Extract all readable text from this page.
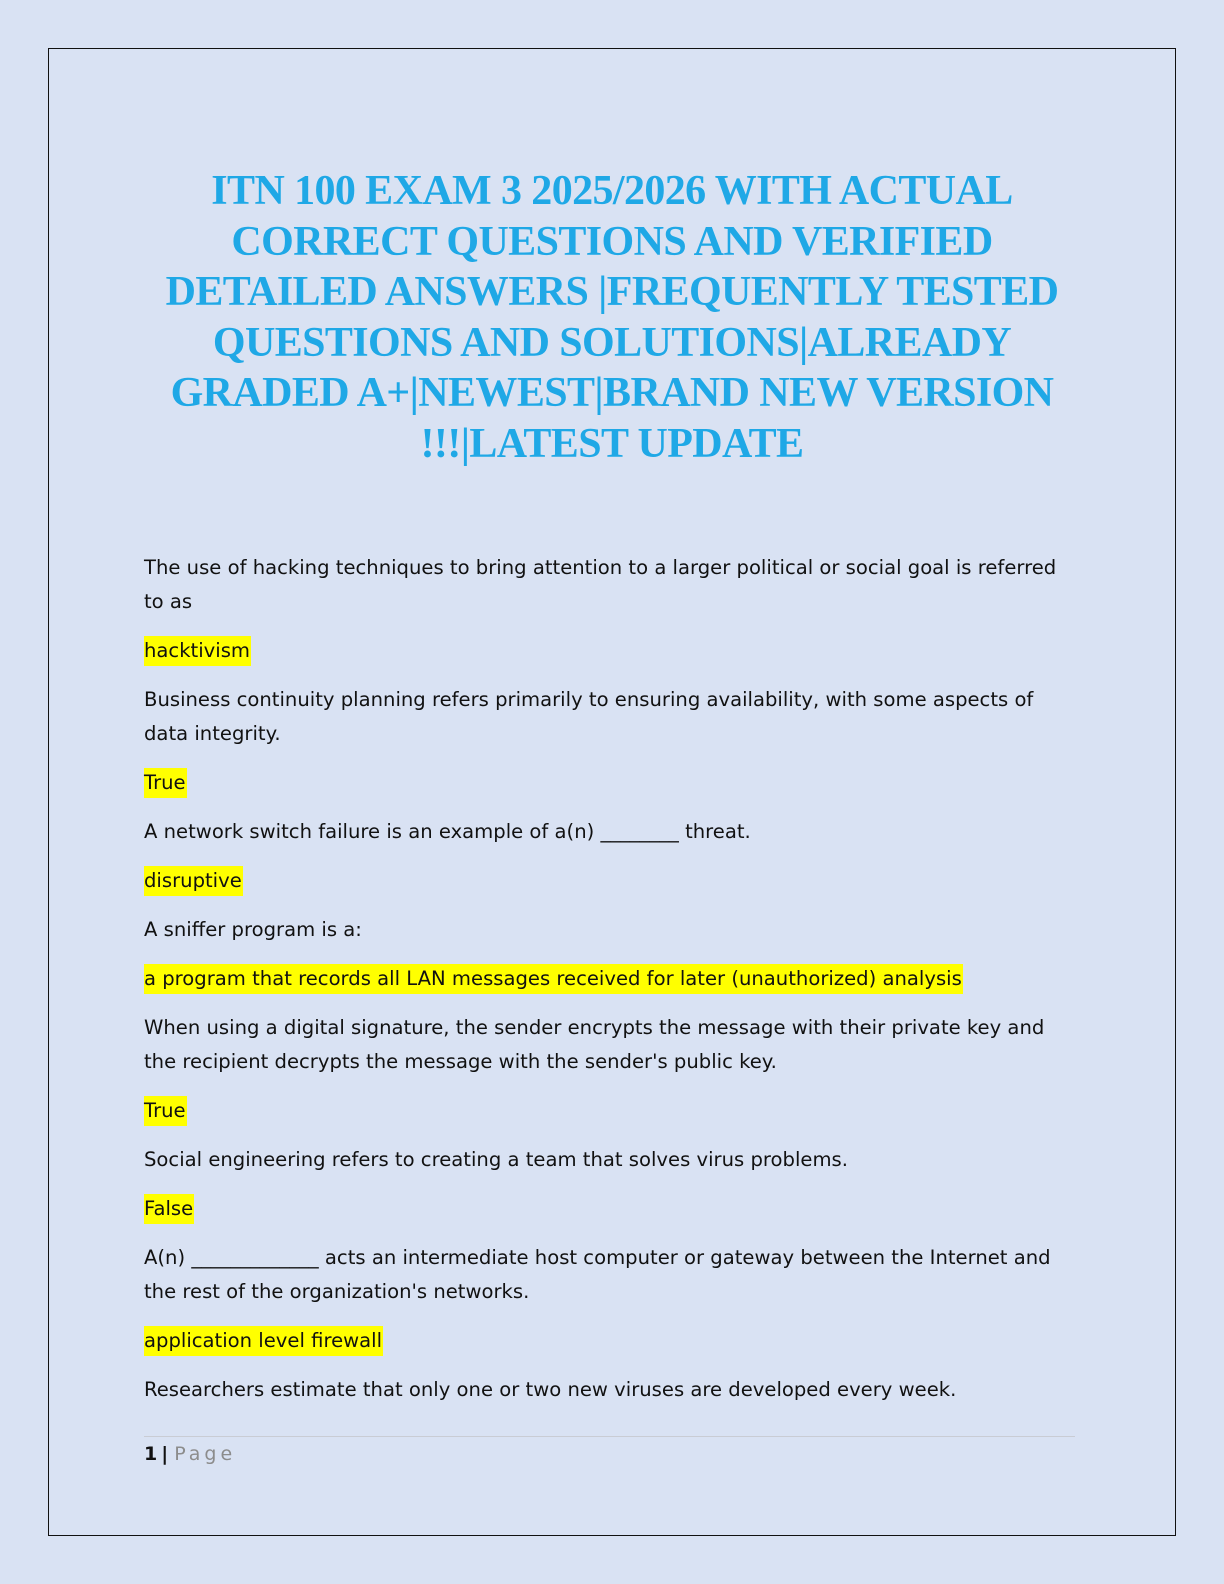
ITN 100 EXAM 3 2025/2026 WITH ACTUAL
CORRECT QUESTIONS AND VERIFIED
DETAILED ANSWERS |FREQUENTLY TESTED
QUESTIONS AND SOLUTIONS|ALREADY
GRADED A+|NEWEST|BRAND NEW VERSION
!!!|LATEST UPDATE

The use of hacking techniques to bring attention to a larger political or social goal is referred to as

hacktivism

Business continuity planning refers primarily to ensuring availability, with some aspects of data integrity.

True

A network switch failure is an example of a(n) ________ threat.

disruptive

A sniffer program is a:

a program that records all LAN messages received for later (unauthorized) analysis

When using a digital signature, the sender encrypts the message with their private key and the recipient decrypts the message with the sender's public key.

True

Social engineering refers to creating a team that solves virus problems.

False

A(n) _____________ acts an intermediate host computer or gateway between the Internet and the rest of the organization's networks.

application level firewall

Researchers estimate that only one or two new viruses are developed every week.

1 | Page
